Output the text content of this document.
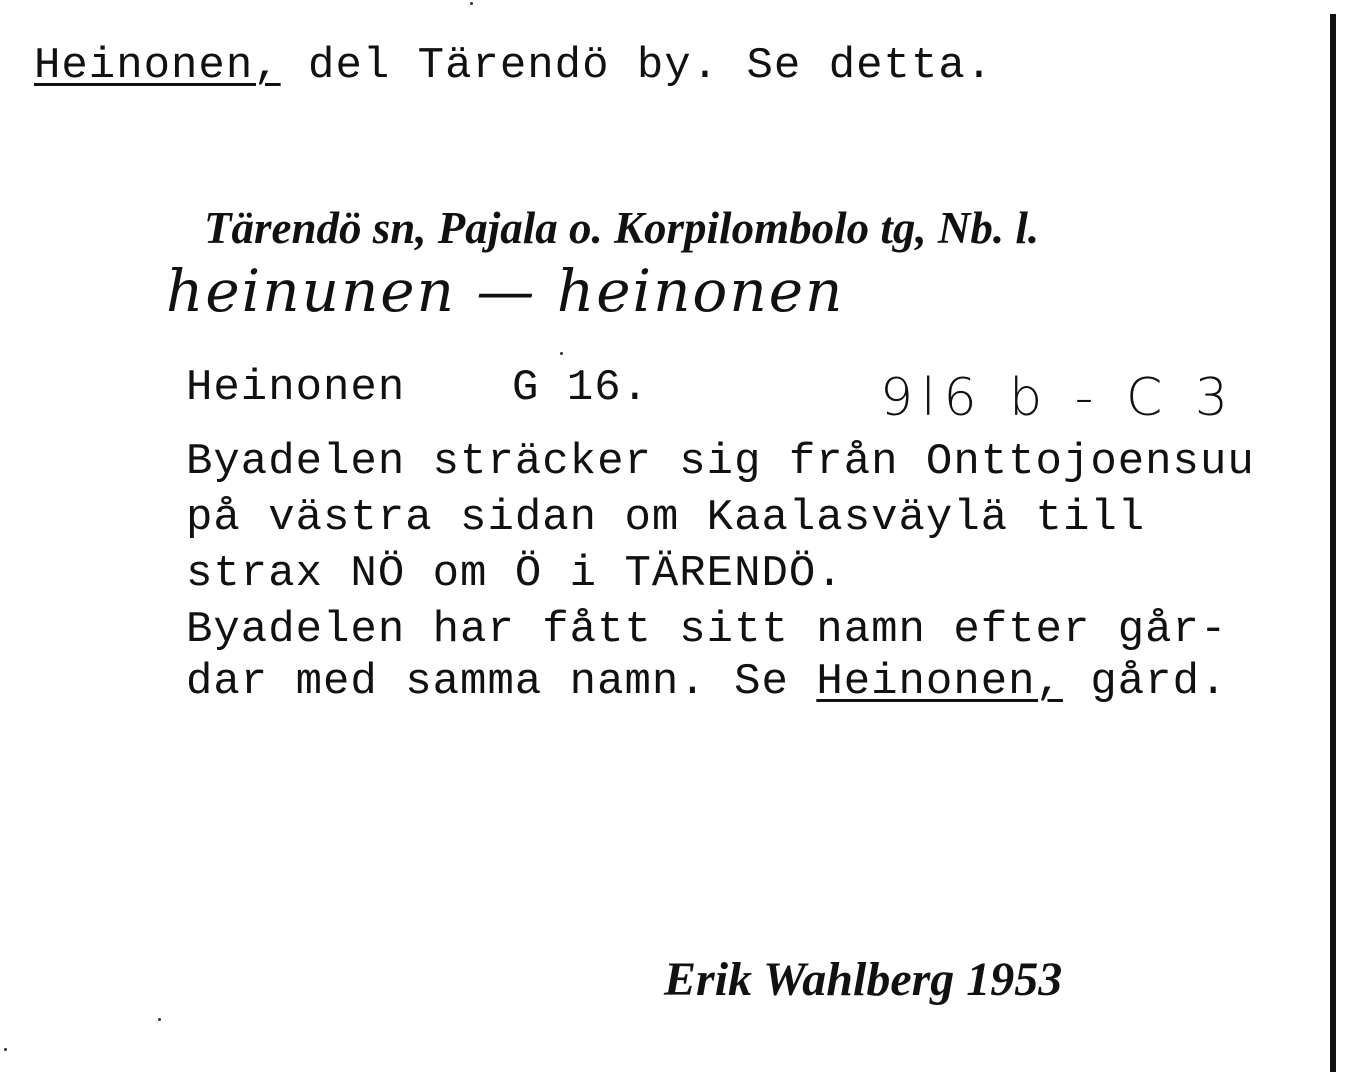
Heinonen, del Tärendö by. Se detta.
Tärendö sn, Pajala o. Korpilombolo tg, Nb. l.
heinunen — heinonen
Heinonen G 16.	9l6 b - C 3
Byadelen sträcker sig från Onttojoensuu
på västra sidan om Kaalasväylä till
strax NÖ om Ö i TÄRENDÖ.
Byadelen har fått sitt namn efter går-
dar med samma namn. Se Heinonen, gård.
Erik Wahlberg 1953
